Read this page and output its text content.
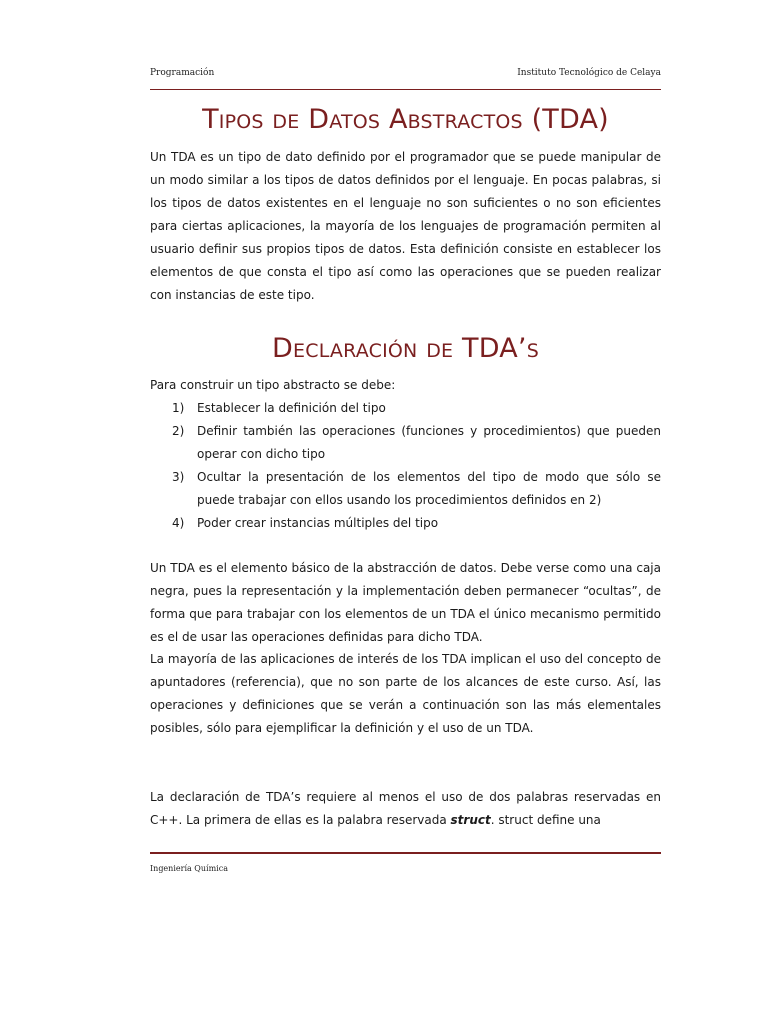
Programación	Instituto Tecnológico de Celaya
Tipos de Datos Abstractos (TDA)

Un TDA es un tipo de dato definido por el programador que se puede manipular de un modo similar a los tipos de datos definidos por el lenguaje. En pocas palabras, si los tipos de datos existentes en el lenguaje no son suficientes o no son eficientes para ciertas aplicaciones, la mayoría de los lenguajes de programación permiten al usuario definir sus propios tipos de datos. Esta definición consiste en establecer los elementos de que consta el tipo así como las operaciones que se pueden realizar con instancias de este tipo.

Declaración de TDA’s

Para construir un tipo abstracto se debe:

1)	Establecer la definición del tipo
2)	Definir también las operaciones (funciones y procedimientos) que pueden operar con dicho tipo
3)	Ocultar la presentación de los elementos del tipo de modo que sólo se puede trabajar con ellos usando los procedimientos definidos en 2)
4)	Poder crear instancias múltiples del tipo

Un TDA es el elemento básico de la abstracción de datos. Debe verse como una caja negra, pues la representación y la implementación deben permanecer “ocultas”, de forma que para trabajar con los elementos de un TDA el único mecanismo permitido es el de usar las operaciones definidas para dicho TDA.

La mayoría de las aplicaciones de interés de los TDA implican el uso del concepto de apuntadores (referencia), que no son parte de los alcances de este curso. Así, las operaciones y definiciones que se verán a continuación son las más elementales posibles, sólo para ejemplificar la definición y el uso de un TDA.

La declaración de TDA’s requiere al menos el uso de dos palabras reservadas en C++. La primera de ellas es la palabra reservada struct. struct define una

Ingeniería Química
